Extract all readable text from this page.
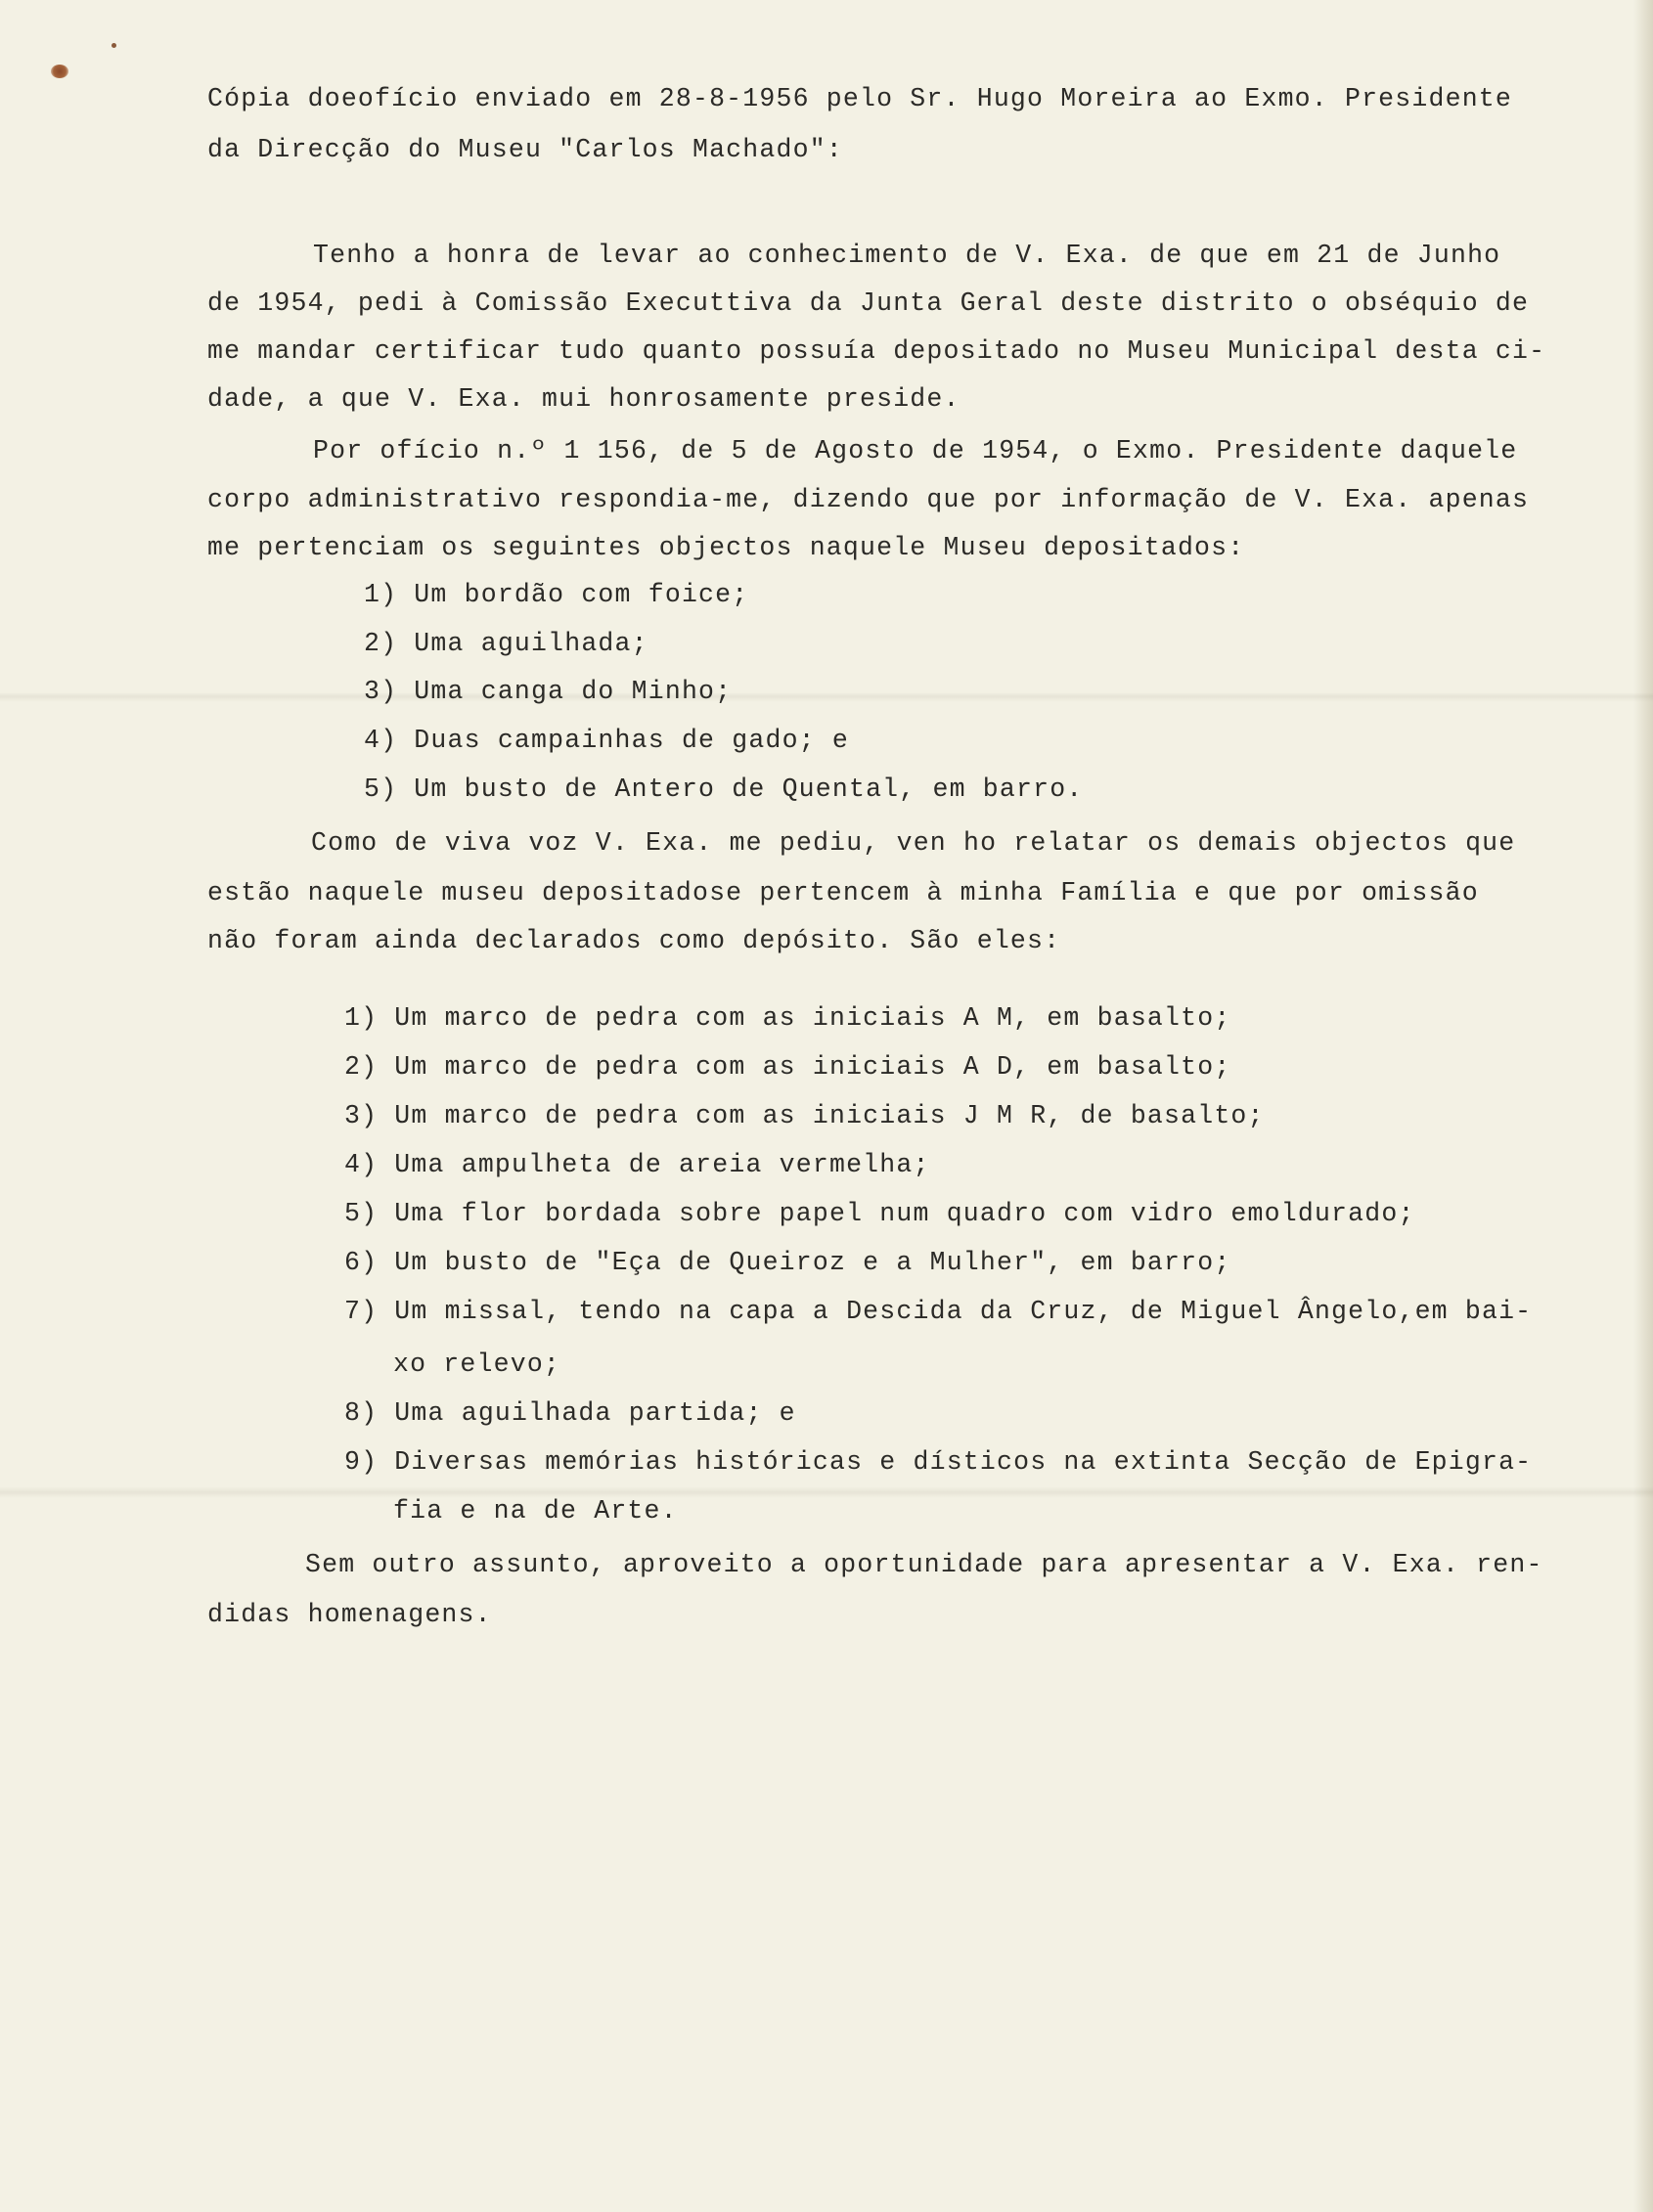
Cópia doeofício enviado em 28-8-1956 pelo Sr. Hugo Moreira ao Exmo. Presidente
da Direcção do Museu "Carlos Machado":
Tenho a honra de levar ao conhecimento de V. Exa. de que em 21 de Junho
de 1954, pedi à Comissão Executtiva da Junta Geral deste distrito o obséquio de
me mandar certificar tudo quanto possuía depositado no Museu Municipal desta ci-
dade, a que V. Exa. mui honrosamente preside.
Por ofício n.º 1 156, de 5 de Agosto de 1954, o Exmo. Presidente daquele
corpo administrativo respondia-me, dizendo que por informação de V. Exa. apenas
me pertenciam os seguintes objectos naquele Museu depositados:
1) Um bordão com foice;
2) Uma aguilhada;
3) Uma canga do Minho;
4) Duas campainhas de gado; e
5) Um busto de Antero de Quental, em barro.
Como de viva voz V. Exa. me pediu, ven ho relatar os demais objectos que
estão naquele museu depositadose pertencem à minha Família e que por omissão
não foram ainda declarados como depósito. São eles:
1) Um marco de pedra com as iniciais A M, em basalto;
2) Um marco de pedra com as iniciais A D, em basalto;
3) Um marco de pedra com as iniciais J M R, de basalto;
4) Uma ampulheta de areia vermelha;
5) Uma flor bordada sobre papel num quadro com vidro emoldurado;
6) Um busto de "Eça de Queiroz e a Mulher", em barro;
7) Um missal, tendo na capa a Descida da Cruz, de Miguel Ângelo,em bai-
xo relevo;
8) Uma aguilhada partida; e
9) Diversas memórias históricas e dísticos na extinta Secção de Epigra-
fia e na de Arte.
Sem outro assunto, aproveito a oportunidade para apresentar a V. Exa. ren-
didas homenagens.
